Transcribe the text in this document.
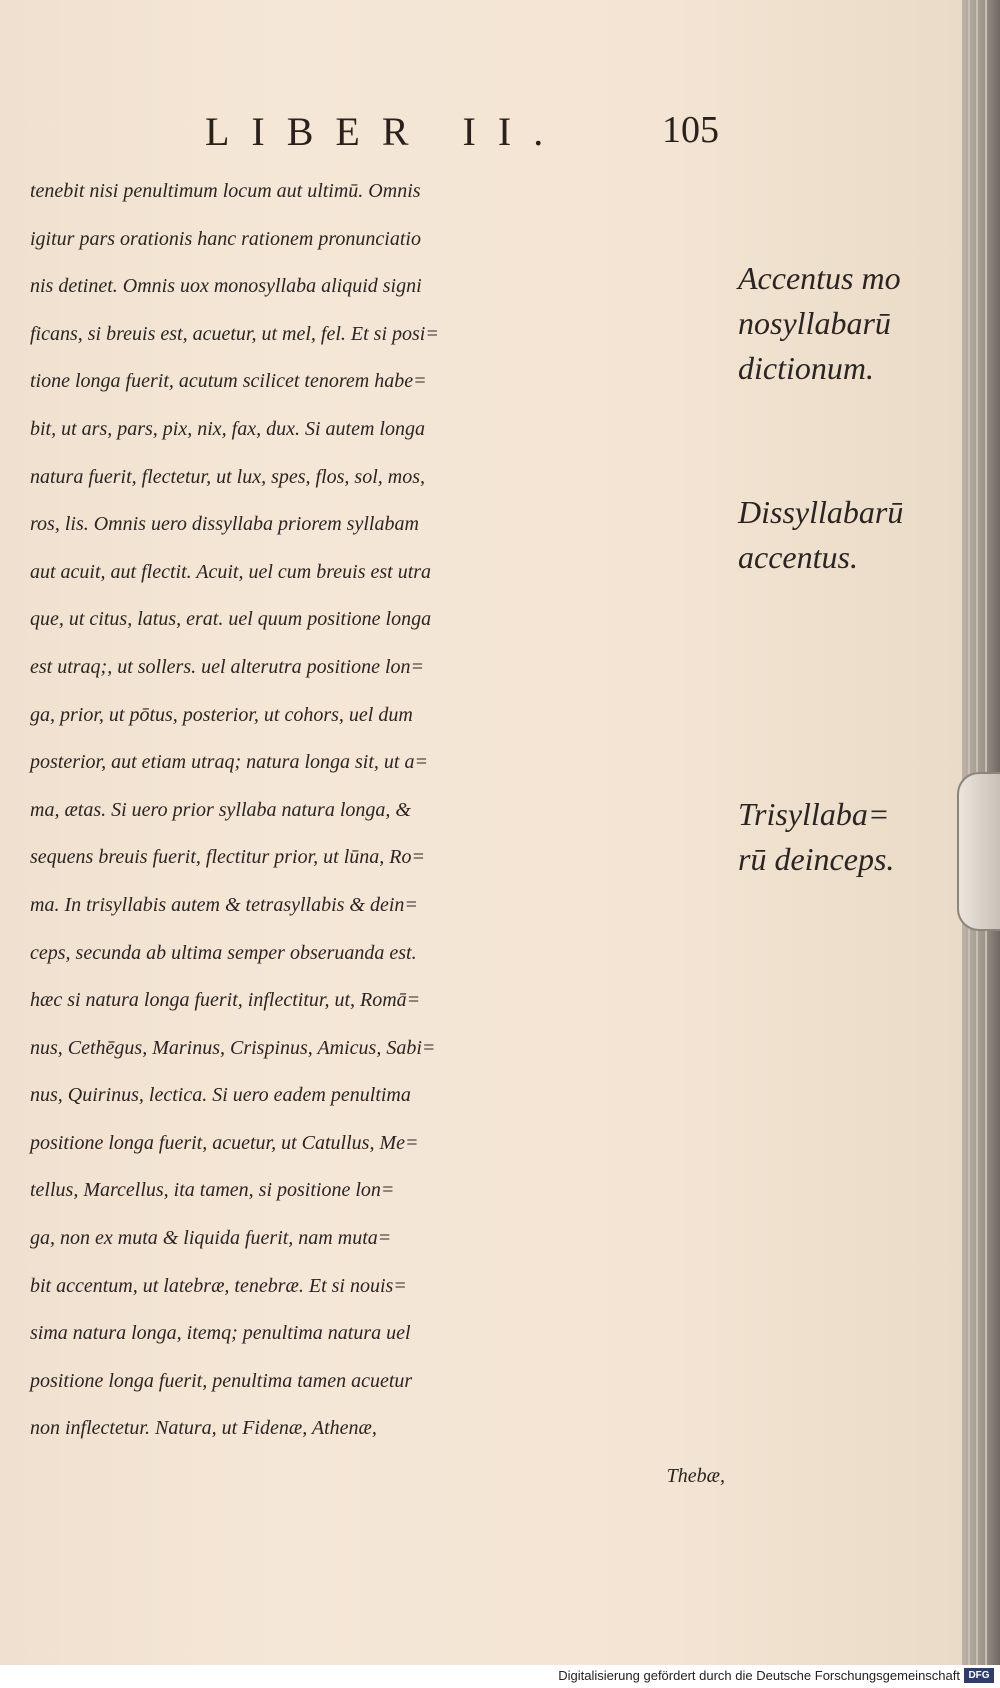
LIBER II.	105
tenebit nisi penultimum locum aut ultimū. Omnis
igitur pars orationis hanc rationem pronunciatio
nis detinet. Omnis uox monosyllaba aliquid signi
ficans, si breuis est, acuetur, ut mel, fel. Et si posi=
tione longa fuerit, acutum scilicet tenorem habe=
bit, ut ars, pars, pix, nix, fax, dux. Si autem longa
natura fuerit, flectetur, ut lux, spes, flos, sol, mos,
ros, lis. Omnis uero dissyllaba priorem syllabam
aut acuit, aut flectit. Acuit, uel cum breuis est utra
que, ut citus, latus, erat. uel quum positione longa
est utraq;, ut sollers. uel alterutra positione lon=
ga, prior, ut pōtus, posterior, ut cohors, uel dum
posterior, aut etiam utraq; natura longa sit, ut a=
ma, ætas. Si uero prior syllaba natura longa, &
sequens breuis fuerit, flectitur prior, ut lūna, Ro=
ma. In trisyllabis autem & tetrasyllabis & dein=
ceps, secunda ab ultima semper obseruanda est.
hæc si natura longa fuerit, inflectitur, ut, Romā=
nus, Cethēgus, Marinus, Crispinus, Amicus, Sabi=
nus, Quirinus, lectica. Si uero eadem penultima
positione longa fuerit, acuetur, ut Catullus, Me=
tellus, Marcellus, ita tamen, si positione lon=
ga, non ex muta & liquida fuerit, nam muta=
bit accentum, ut latebræ, tenebræ. Et si nouis=
sima natura longa, itemq; penultima natura uel
positione longa fuerit, penultima tamen acuetur
non inflectetur. Natura, ut Fidenæ, Athenæ,
Thebæ,
Accentus mo
nosyllabarū
dictionum.
Dissyllabarū
accentus.
Trisyllaba=
rū deinceps.
Digitalisierung gefördert durch die Deutsche Forschungsgemeinschaft DFG
